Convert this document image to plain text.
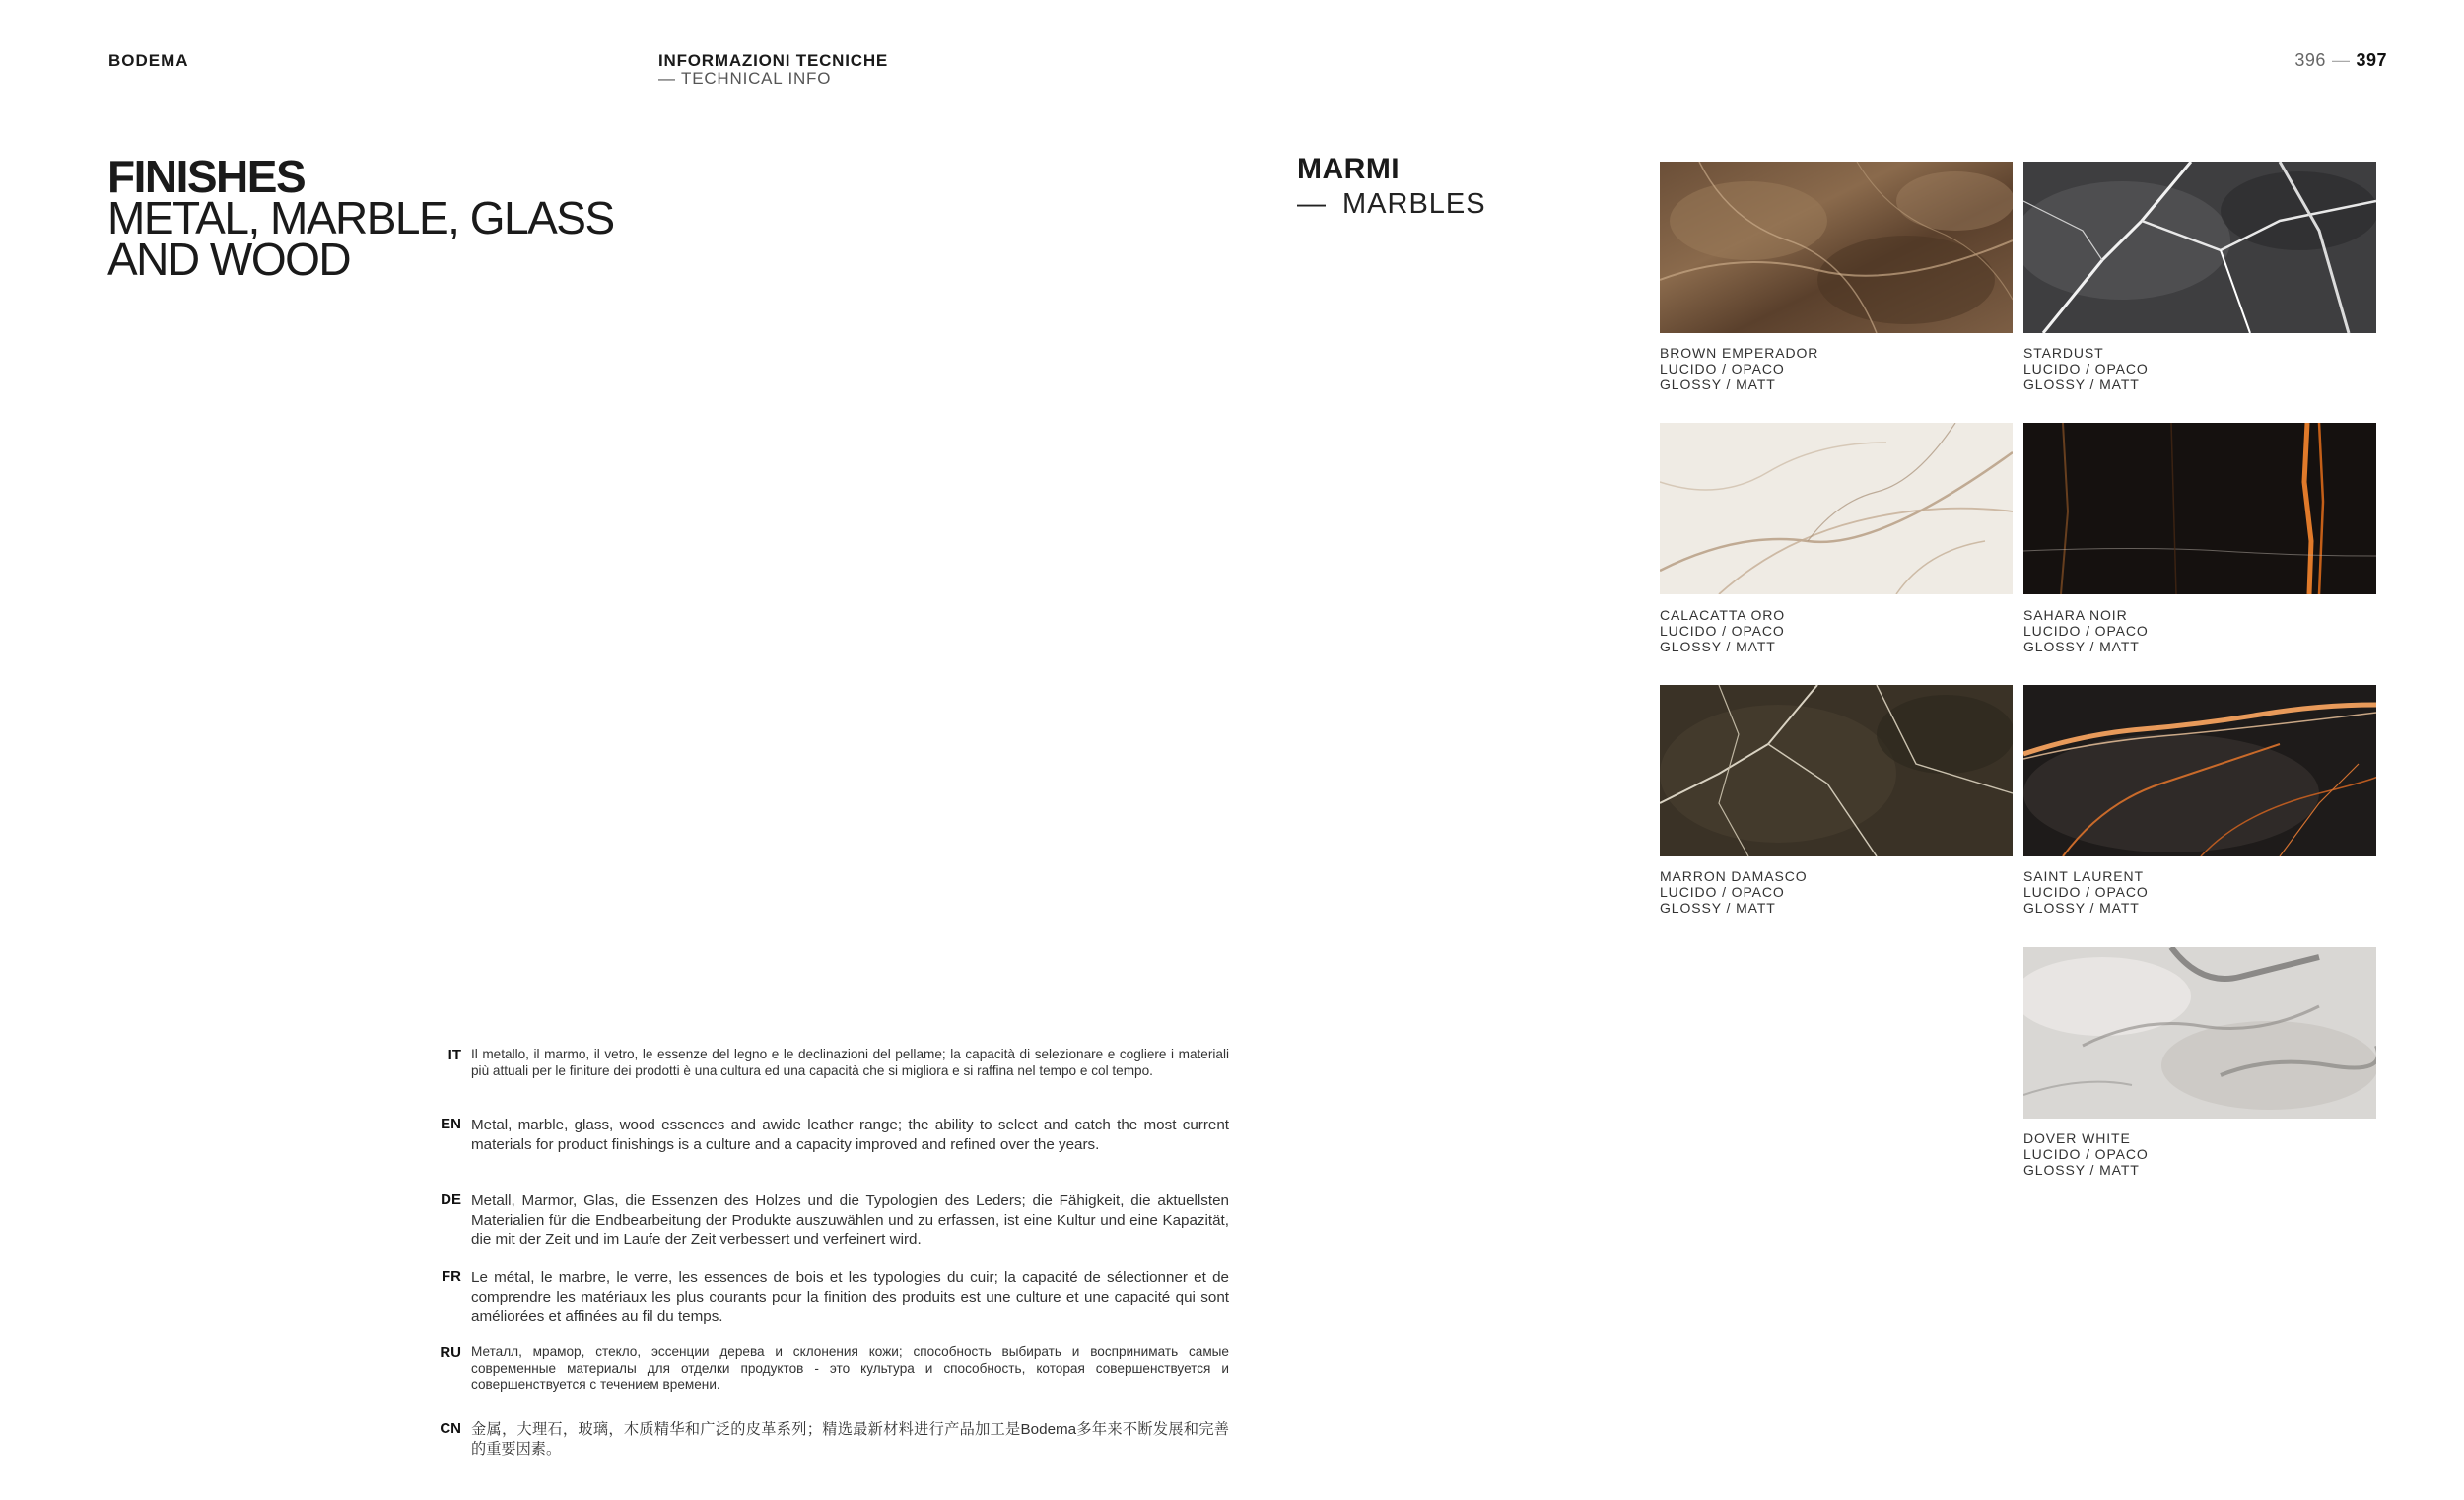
BODEMA	INFORMAZIONI TECNICHE
— TECHNICAL INFO
396 — 397
FINISHES
METAL, MARBLE, GLASS
AND WOOD
MARMI
— MARBLES
BROWN EMPERADOR
LUCIDO / OPACO
GLOSSY / MATT
STARDUST
LUCIDO / OPACO
GLOSSY / MATT
CALACATTA ORO
LUCIDO / OPACO
GLOSSY / MATT
SAHARA NOIR
LUCIDO / OPACO
GLOSSY / MATT
MARRON DAMASCO
LUCIDO / OPACO
GLOSSY / MATT
SAINT LAURENT
LUCIDO / OPACO
GLOSSY / MATT
DOVER WHITE
LUCIDO / OPACO
GLOSSY / MATT
IT Il metallo, il marmo, il vetro, le essenze del legno e le declinazioni del pellame; la capacità di selezionare e cogliere i materiali più attuali per le finiture dei prodotti è una cultura ed una capacità che si migliora e si raffina nel tempo e col tempo.
EN Metal, marble, glass, wood essences and awide leather range; the ability to select and catch the most current materials for product finishings is a culture and a capacity improved and refined over the years.
DE Metall, Marmor, Glas, die Essenzen des Holzes und die Typologien des Leders; die Fähigkeit, die aktuellsten Materialien für die Endbearbeitung der Produkte auszuwählen und zu erfassen, ist eine Kultur und eine Kapazität, die mit der Zeit und im Laufe der Zeit verbessert und verfeinert wird.
FR Le métal, le marbre, le verre, les essences de bois et les typologies du cuir; la capacité de sélectionner et de comprendre les matériaux les plus courants pour la finition des produits est une culture et une capacité qui sont améliorées et affinées au fil du temps.
RU Металл, мрамор, стекло, эссенции дерева и склонения кожи; способность выбирать и воспринимать самые современные материалы для отделки продуктов - это культура и способность, которая совершенствуется и совершенствуется с течением времени.
CN 金属，大理石，玻璃，木质精华和广泛的皮革系列；精选最新材料进行产品加工是Bodema多年来不断发展和完善的重要因素。
